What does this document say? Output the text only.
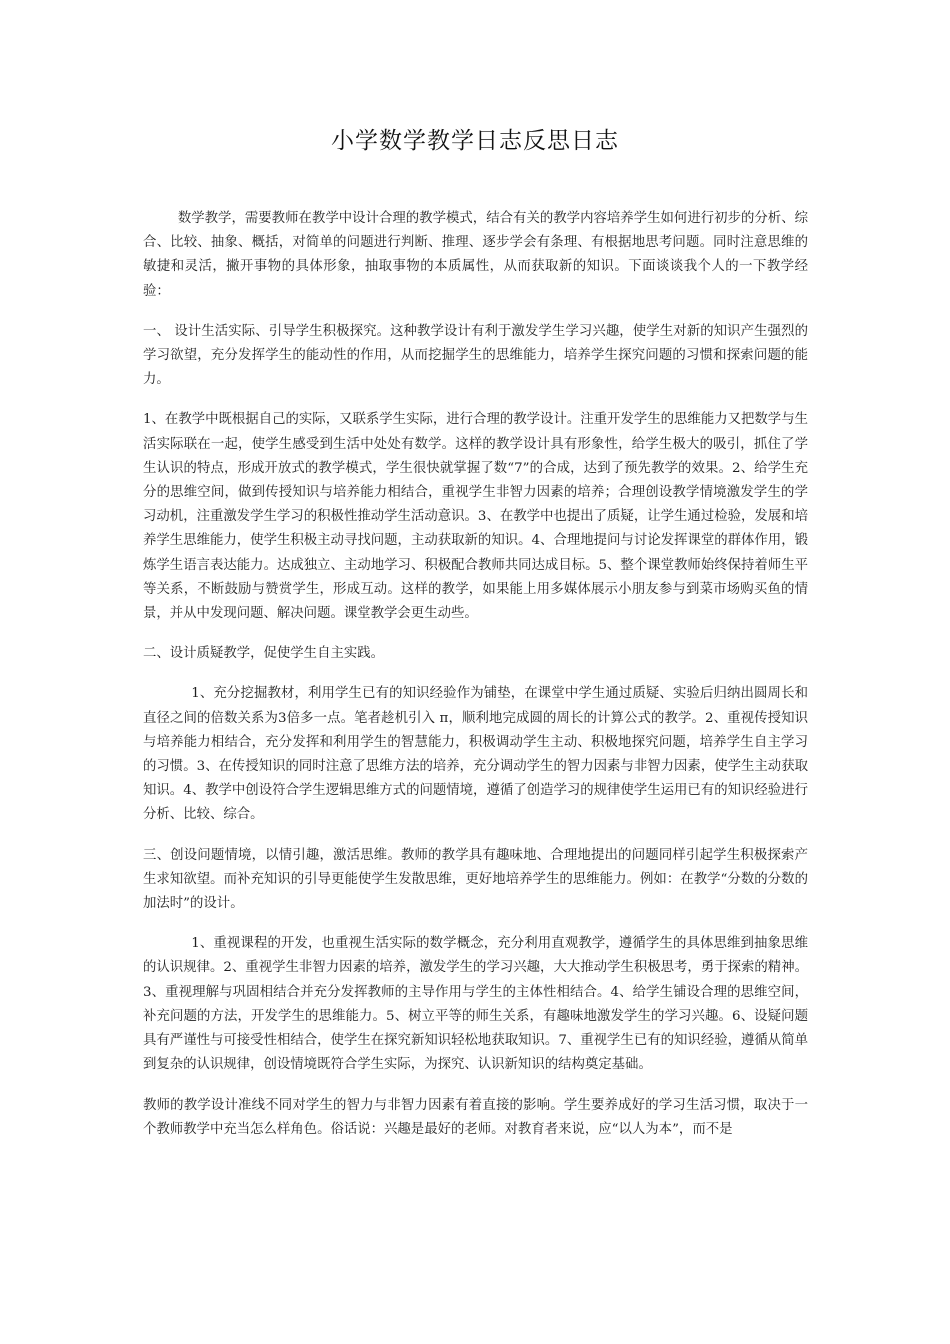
小学数学教学日志反思日志

数学教学，需要教师在教学中设计合理的教学模式，结合有关的教学内容培养学生如何进行初步的分析、综合、比较、抽象、概括，对简单的问题进行判断、推理、逐步学会有条理、有根据地思考问题。同时注意思维的敏捷和灵活，撇开事物的具体形象，抽取事物的本质属性，从而获取新的知识。下面谈谈我个人的一下教学经验：

一、 设计生活实际、引导学生积极探究。这种教学设计有利于激发学生学习兴趣，使学生对新的知识产生强烈的学习欲望，充分发挥学生的能动性的作用，从而挖掘学生的思维能力，培养学生探究问题的习惯和探索问题的能力。

1、在教学中既根据自己的实际，又联系学生实际，进行合理的教学设计。注重开发学生的思维能力又把数学与生活实际联在一起，使学生感受到生活中处处有数学。这样的教学设计具有形象性，给学生极大的吸引，抓住了学生认识的特点，形成开放式的教学模式，学生很快就掌握了数“7”的合成，达到了预先教学的效果。2、给学生充分的思维空间，做到传授知识与培养能力相结合，重视学生非智力因素的培养；合理创设教学情境激发学生的学习动机，注重激发学生学习的积极性推动学生活动意识。3、在教学中也提出了质疑，让学生通过检验，发展和培养学生思维能力，使学生积极主动寻找问题，主动获取新的知识。4、合理地提问与讨论发挥课堂的群体作用，锻炼学生语言表达能力。达成独立、主动地学习、积极配合教师共同达成目标。5、整个课堂教师始终保持着师生平等关系，不断鼓励与赞赏学生，形成互动。这样的教学，如果能上用多媒体展示小朋友参与到菜市场购买鱼的情景，并从中发现问题、解决问题。课堂教学会更生动些。

二、设计质疑教学，促使学生自主实践。

1、充分挖掘教材，利用学生已有的知识经验作为铺垫，在课堂中学生通过质疑、实验后归纳出圆周长和直径之间的倍数关系为3倍多一点。笔者趁机引入 π，顺利地完成圆的周长的计算公式的教学。2、重视传授知识与培养能力相结合，充分发挥和利用学生的智慧能力，积极调动学生主动、积极地探究问题，培养学生自主学习的习惯。3、在传授知识的同时注意了思维方法的培养，充分调动学生的智力因素与非智力因素，使学生主动获取知识。4、教学中创设符合学生逻辑思维方式的问题情境，遵循了创造学习的规律使学生运用已有的知识经验进行分析、比较、综合。

三、创设问题情境，以情引趣，激活思维。教师的教学具有趣味地、合理地提出的问题同样引起学生积极探索产生求知欲望。而补充知识的引导更能使学生发散思维，更好地培养学生的思维能力。例如：在教学“分数的分数的加法时”的设计。

1、重视课程的开发，也重视生活实际的数学概念，充分利用直观教学，遵循学生的具体思维到抽象思维的认识规律。2、重视学生非智力因素的培养，激发学生的学习兴趣，大大推动学生积极思考，勇于探索的精神。3、重视理解与巩固相结合并充分发挥教师的主导作用与学生的主体性相结合。4、给学生铺设合理的思维空间，补充问题的方法，开发学生的思维能力。5、树立平等的师生关系，有趣味地激发学生的学习兴趣。6、设疑问题具有严谨性与可接受性相结合，使学生在探究新知识轻松地获取知识。7、重视学生已有的知识经验，遵循从简单到复杂的认识规律，创设情境既符合学生实际，为探究、认识新知识的结构奠定基础。

教师的教学设计准线不同对学生的智力与非智力因素有着直接的影响。学生要养成好的学习生活习惯，取决于一个教师教学中充当怎么样角色。俗话说：兴趣是最好的老师。对教育者来说，应“以人为本”，而不是
